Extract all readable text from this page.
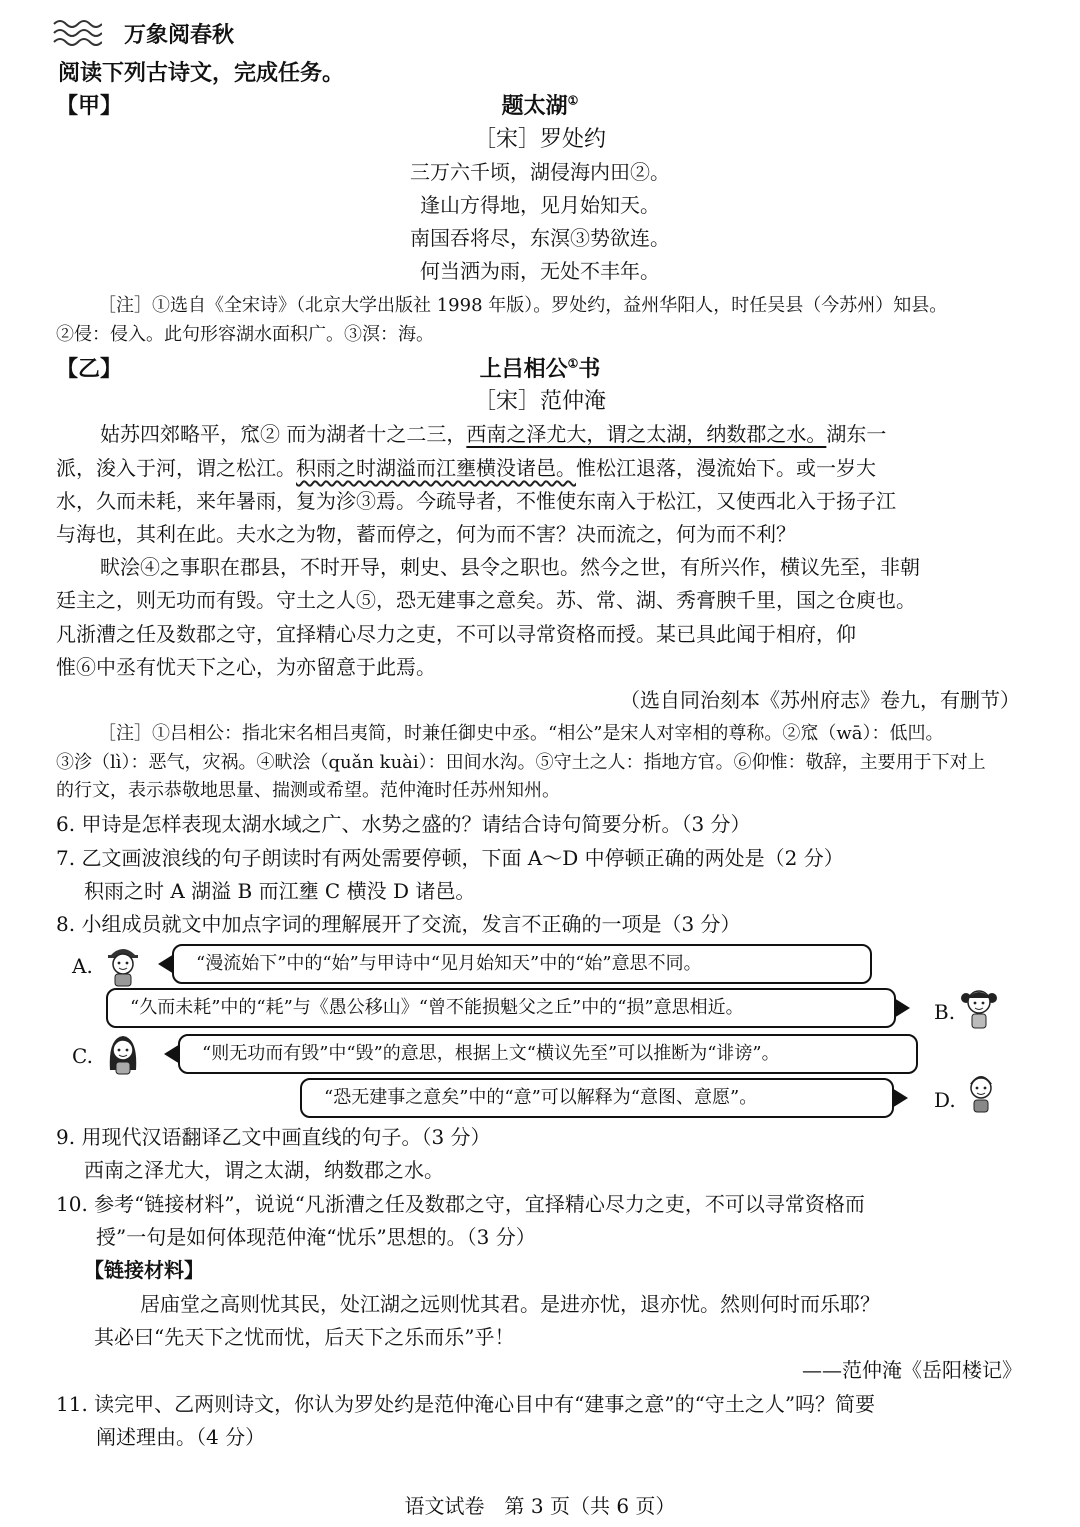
万象阅春秋
阅读下列古诗文，完成任务。
【甲】	题太湖①
［宋］罗处约
三万六千顷，湖侵海内田②。
逢山方得地，见月始知天。
南国吞将尽，东溟③势欲连。
何当洒为雨，无处不丰年。
［注］①选自《全宋诗》（北京大学出版社 1998 年版）。罗处约，益州华阳人，时任吴县（今苏州）知县。
②侵：侵入。此句形容湖水面积广。③溟：海。
【乙】	上吕相公①书
［宋］范仲淹
姑苏四郊略平，窊② 而为湖者十之二三，西南之泽尤大，谓之太湖，纳数郡之水。湖东一
派，浚入于河，谓之松江。积雨之时湖溢而江壅横没诸邑。惟松江退落，漫流始下。或一岁大
水，久而未耗，来年暑雨，复为沴③焉。今疏导者，不惟使东南入于松江，又使西北入于扬子江
与海也，其利在此。夫水之为物，蓄而停之，何为而不害？决而流之，何为而不利？
畎浍④之事职在郡县，不时开导，刺史、县令之职也。然今之世，有所兴作，横议先至，非朝
廷主之，则无功而有毁。守土之人⑤，恐无建事之意矣。苏、常、湖、秀膏腴千里，国之仓庾也。
凡浙漕之任及数郡之守，宜择精心尽力之吏，不可以寻常资格而授。某已具此闻于相府，仰
惟⑥中丞有忧天下之心，为亦留意于此焉。
（选自同治刻本《苏州府志》卷九，有删节）
［注］①吕相公：指北宋名相吕夷简，时兼任御史中丞。“相公”是宋人对宰相的尊称。②窊（wā）：低凹。
③沴（lì）：恶气，灾祸。④畎浍（quǎn kuài）：田间水沟。⑤守土之人：指地方官。⑥仰惟：敬辞，主要用于下对上
的行文，表示恭敬地思量、揣测或希望。范仲淹时任苏州知州。
6. 甲诗是怎样表现太湖水域之广、水势之盛的？请结合诗句简要分析。（3 分）
7. 乙文画波浪线的句子朗读时有两处需要停顿，下面 A～D 中停顿正确的两处是（2 分）
积雨之时 A 湖溢 B 而江壅 C 横没 D 诸邑。
8. 小组成员就文中加点字词的理解展开了交流，发言不正确的一项是（3 分）
A.	“漫流始下”中的“始”与甲诗中“见月始知天”中的“始”意思不同。
“久而未耗”中的“耗”与《愚公移山》“曾不能损魁父之丘”中的“损”意思相近。	B.
C.	“则无功而有毁”中“毁”的意思，根据上文“横议先至”可以推断为“诽谤”。
“恐无建事之意矣”中的“意”可以解释为“意图、意愿”。	D.
9. 用现代汉语翻译乙文中画直线的句子。（3 分）
西南之泽尤大，谓之太湖，纳数郡之水。
10. 参考“链接材料”，说说“凡浙漕之任及数郡之守，宜择精心尽力之吏，不可以寻常资格而
授”一句是如何体现范仲淹“忧乐”思想的。（3 分）
【链接材料】
居庙堂之高则忧其民，处江湖之远则忧其君。是进亦忧，退亦忧。然则何时而乐耶？
其必曰“先天下之忧而忧，后天下之乐而乐”乎！
——范仲淹《岳阳楼记》
11. 读完甲、乙两则诗文，你认为罗处约是范仲淹心目中有“建事之意”的“守土之人”吗？简要
阐述理由。（4 分）
语文试卷　第 3 页（共 6 页）
